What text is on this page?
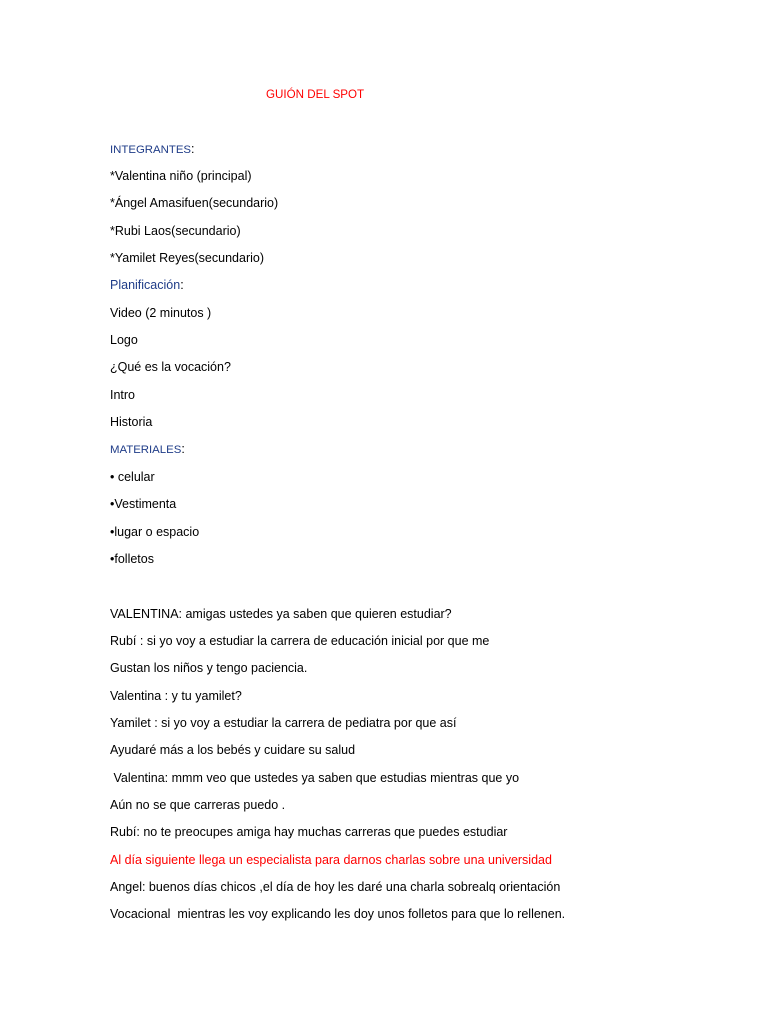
GUIÓN DEL SPOT
INTEGRANTES:
*Valentina niño (principal)
*Ángel Amasifuen(secundario)
*Rubi Laos(secundario)
*Yamilet Reyes(secundario)
Planificación:
Video (2 minutos )
Logo
¿Qué es la vocación?
Intro
Historia
MATERIALES:
• celular
•Vestimenta
•lugar o espacio
•folletos
VALENTINA: amigas ustedes ya saben que quieren estudiar?
Rubí : si yo voy a estudiar la carrera de educación inicial por que me
Gustan los niños y tengo paciencia.
Valentina : y tu yamilet?
Yamilet : si yo voy a estudiar la carrera de pediatra por que así
Ayudaré más a los bebés y cuidare su salud
Valentina: mmm veo que ustedes ya saben que estudias mientras que yo
Aún no se que carreras puedo .
Rubí: no te preocupes amiga hay muchas carreras que puedes estudiar
Al día siguiente llega un especialista para darnos charlas sobre una universidad
Angel: buenos días chicos ,el día de hoy les daré una charla sobrealq orientación
Vocacional  mientras les voy explicando les doy unos folletos para que lo rellenen.
